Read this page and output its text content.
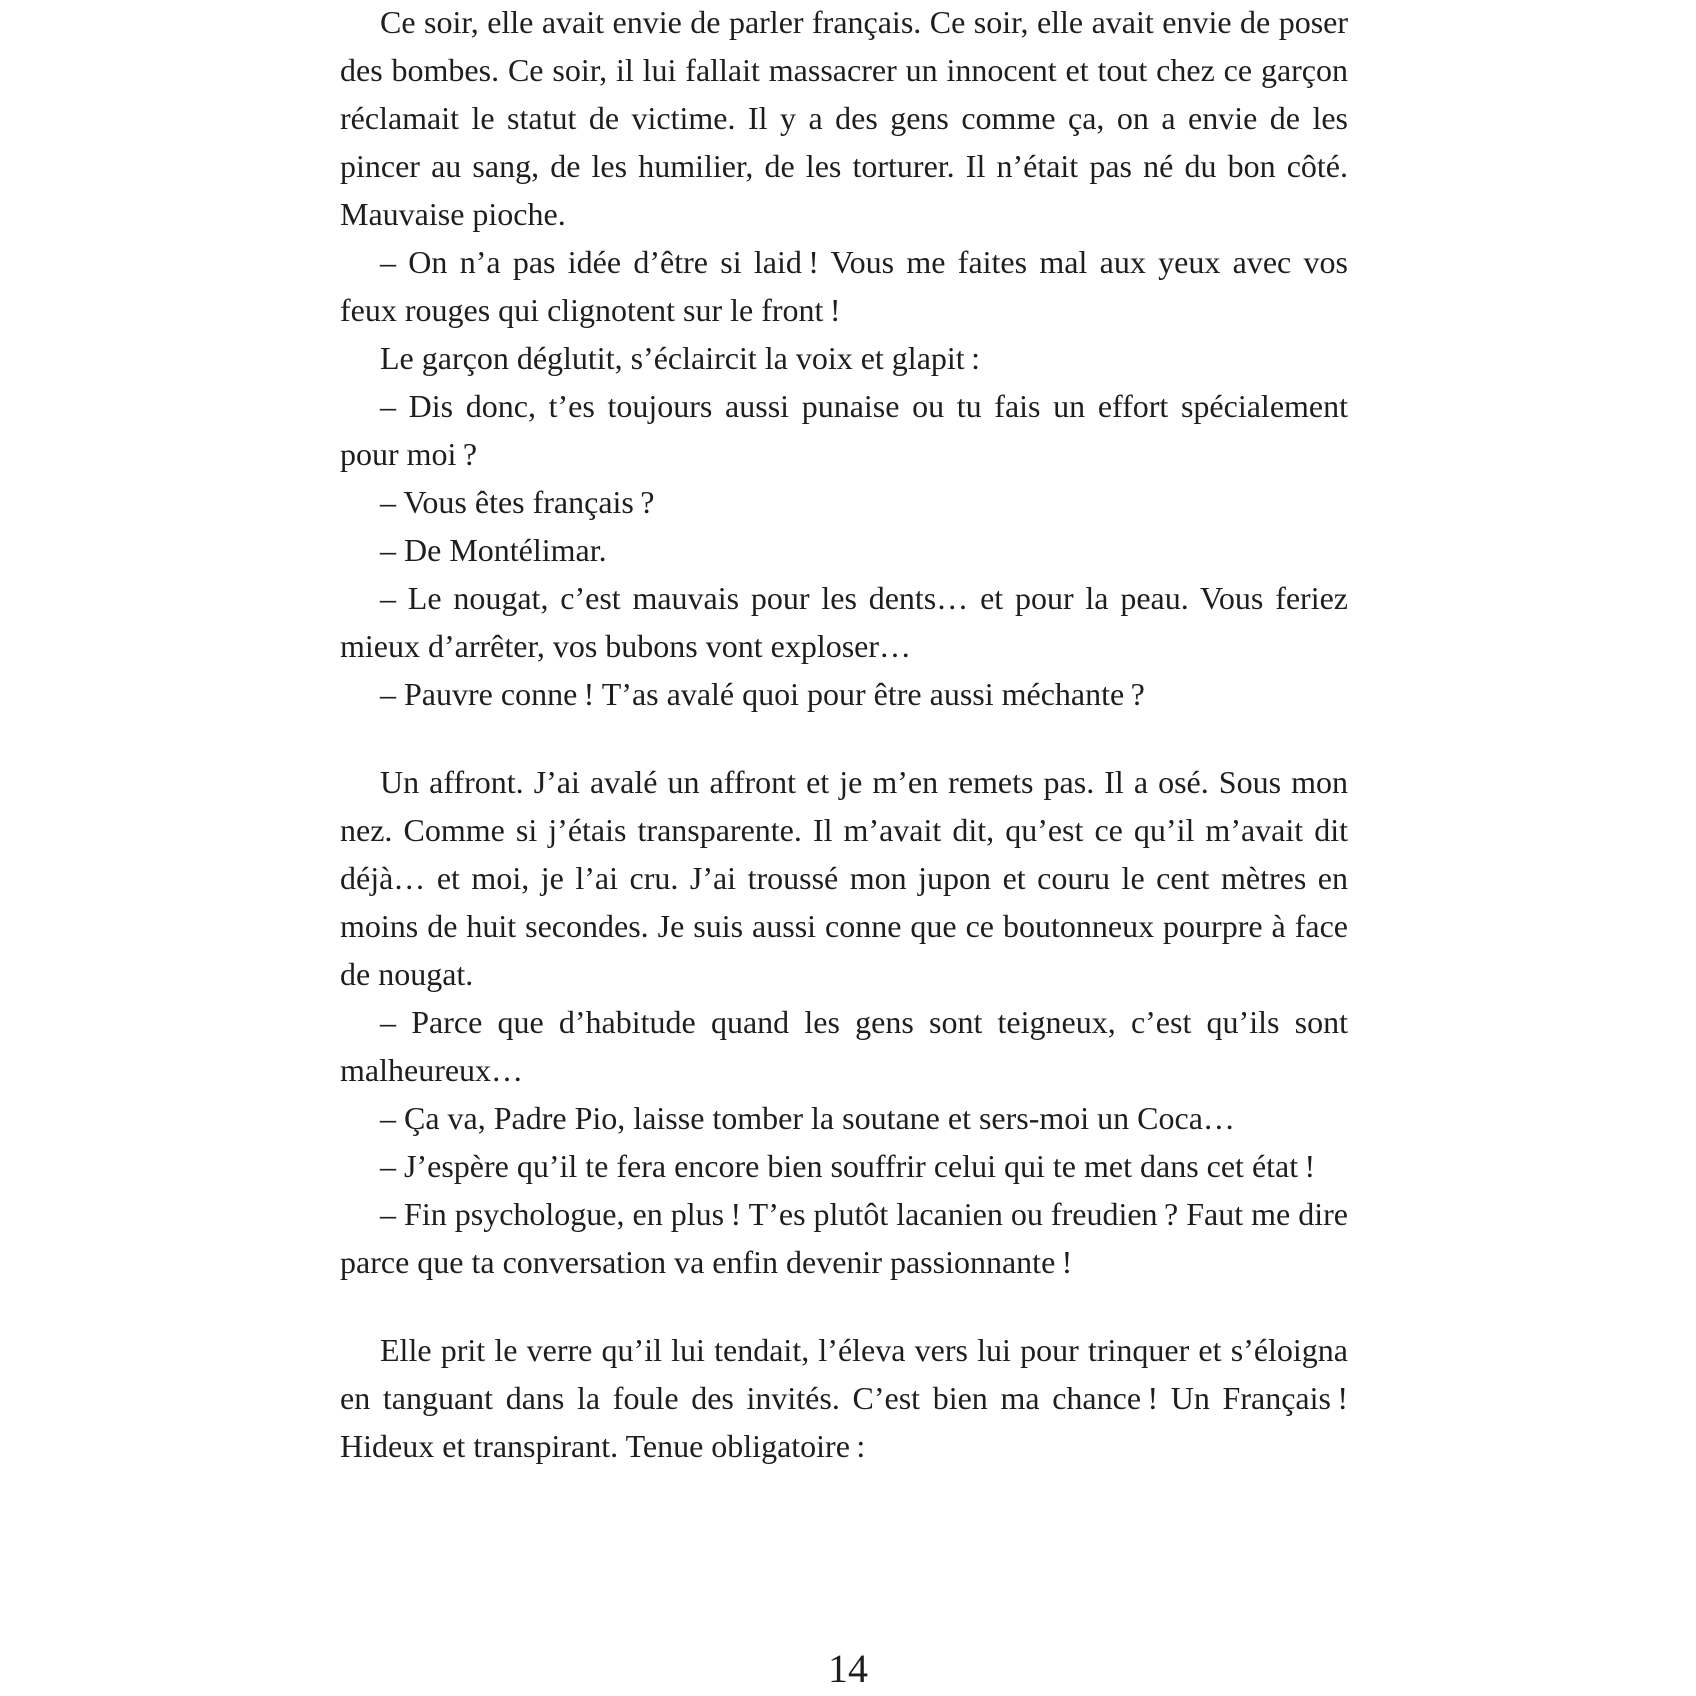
Ce soir, elle avait envie de parler français. Ce soir, elle avait envie de poser des bombes. Ce soir, il lui fallait massacrer un innocent et tout chez ce garçon réclamait le statut de victime. Il y a des gens comme ça, on a envie de les pincer au sang, de les humilier, de les torturer. Il n’était pas né du bon côté. Mauvaise pioche.

– On n’a pas idée d’être si laid ! Vous me faites mal aux yeux avec vos feux rouges qui clignotent sur le front !

Le garçon déglutit, s’éclaircit la voix et glapit :

– Dis donc, t’es toujours aussi punaise ou tu fais un effort spécialement pour moi ?

– Vous êtes français ?

– De Montélimar.

– Le nougat, c’est mauvais pour les dents… et pour la peau. Vous feriez mieux d’arrêter, vos bubons vont exploser…

– Pauvre conne ! T’as avalé quoi pour être aussi méchante ?

Un affront. J’ai avalé un affront et je m’en remets pas. Il a osé. Sous mon nez. Comme si j’étais transparente. Il m’avait dit, qu’est ce qu’il m’avait dit déjà… et moi, je l’ai cru. J’ai troussé mon jupon et couru le cent mètres en moins de huit secondes. Je suis aussi conne que ce boutonneux pourpre à face de nougat.

– Parce que d’habitude quand les gens sont teigneux, c’est qu’ils sont malheureux…

– Ça va, Padre Pio, laisse tomber la soutane et sers-moi un Coca…

– J’espère qu’il te fera encore bien souffrir celui qui te met dans cet état !

– Fin psychologue, en plus ! T’es plutôt lacanien ou freudien ? Faut me dire parce que ta conversation va enfin devenir passionnante !

Elle prit le verre qu’il lui tendait, l’éleva vers lui pour trinquer et s’éloigna en tanguant dans la foule des invités. C’est bien ma chance ! Un Français ! Hideux et transpirant. Tenue obligatoire :

14
